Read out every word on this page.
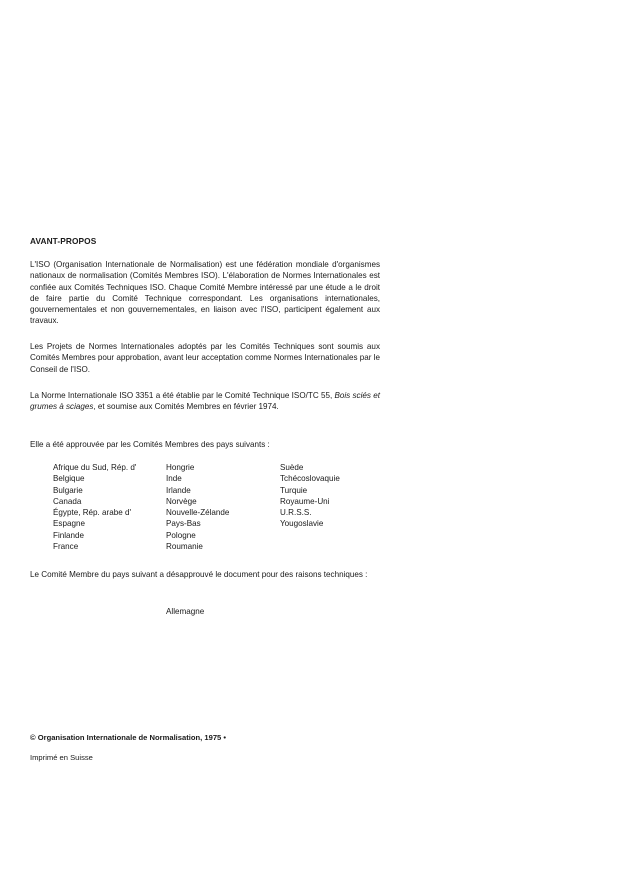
AVANT-PROPOS

L'ISO (Organisation Internationale de Normalisation) est une fédération mondiale d'organismes nationaux de normalisation (Comités Membres ISO). L'élaboration de Normes Internationales est confiée aux Comités Techniques ISO. Chaque Comité Membre intéressé par une étude a le droit de faire partie du Comité Technique correspondant. Les organisations internationales, gouvernementales et non gouvernementales, en liaison avec l'ISO, participent également aux travaux.

Les Projets de Normes Internationales adoptés par les Comités Techniques sont soumis aux Comités Membres pour approbation, avant leur acceptation comme Normes Internationales par le Conseil de l'ISO.

La Norme Internationale ISO 3351 a été établie par le Comité Technique ISO/TC 55, Bois sciés et grumes à sciages, et soumise aux Comités Membres en février 1974.

Elle a été approuvée par les Comités Membres des pays suivants :

Afrique du Sud, Rép. d'
Belgique
Bulgarie
Canada
Égypte, Rép. arabe d'
Espagne
Finlande
France
Hongrie
Inde
Irlande
Norvège
Nouvelle-Zélande
Pays-Bas
Pologne
Roumanie
Suède
Tchécoslovaquie
Turquie
Royaume-Uni
U.R.S.S.
Yougoslavie

Le Comité Membre du pays suivant a désapprouvé le document pour des raisons techniques :

Allemagne
© Organisation Internationale de Normalisation, 1975 •
Imprimé en Suisse
